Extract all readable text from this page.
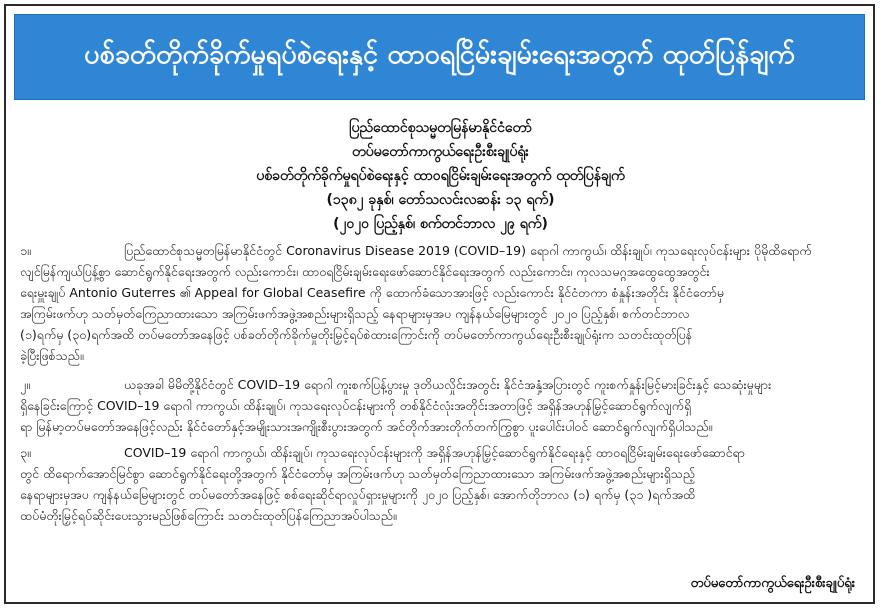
ပစ်ခတ်တိုက်ခိုက်မှုရပ်စဲရေးနှင့် ထာဝရငြိမ်းချမ်းရေးအတွက် ထုတ်ပြန်ချက်
ပြည်ထောင်စုသမ္မတမြန်မာနိုင်ငံတော်
တပ်မတော်ကာကွယ်ရေးဦးစီးချုပ်ရုံး
ပစ်ခတ်တိုက်ခိုက်မှုရပ်စဲရေးနှင့် ထာဝရငြိမ်းချမ်းရေးအတွက် ထုတ်ပြန်ချက်
(၁၃၈၂ ခုနှစ်၊ တော်သလင်းလဆန်း ၁၃ ရက်)
(၂၀၂၀ ပြည့်နှစ်၊ စက်တင်ဘာလ ၂၉ ရက်)
၁။	ပြည်ထောင်စုသမ္မတမြန်မာနိုင်ငံတွင် Coronavirus Disease 2019 (COVID–19) ရောဂါ ကာကွယ်၊ ထိန်းချုပ်၊ ကုသရေးလုပ်ငန်းများ ပိုမိုထိရောက်
လျင်မြန်ကျယ်ပြန့်စွာ ဆောင်ရွက်နိုင်ရေးအတွက် လည်းကောင်း၊ ထာဝရငြိမ်းချမ်းရေးဖော်ဆောင်နိုင်ရေးအတွက် လည်းကောင်း၊ ကုလသမဂ္ဂအထွေထွေအတွင်း
ရေးမှူးချုပ် Antonio Guterres ၏ Appeal for Global Ceasefire ကို ထောက်ခံသောအားဖြင့် လည်းကောင်း နိုင်ငံတကာ စံနှုန်းအတိုင်း နိုင်ငံတော်မှ
အကြမ်းဖက်ဟု သတ်မှတ်ကြေညာထားသော အကြမ်းဖက်အဖွဲ့အစည်းများရှိသည့် နေရာများမှအပ ကျန်နယ်မြေများတွင် ၂၀၂၀ ပြည့်နှစ်၊ စက်တင်ဘာလ
(၁)ရက်မှ (၃၀)ရက်အထိ တပ်မတော်အနေဖြင့် ပစ်ခတ်တိုက်ခိုက်မှုတိုးမြှင့်ရပ်စဲထားကြောင်းကို တပ်မတော်ကာကွယ်ရေးဦးစီးချုပ်ရုံးက သတင်းထုတ်ပြန်
ခဲ့ပြီးဖြစ်သည်။
၂။	ယခုအခါ မိမိတို့နိုင်ငံတွင် COVID–19 ရောဂါ ကူးစက်ပြန့်ပွားမှု ဒုတိယလှိုင်းအတွင်း နိုင်ငံအနှံ့အပြားတွင် ကူးစက်နှုန်းမြင့်မားခြင်းနှင့် သေဆုံးမှုများ
ရှိနေခြင်းကြောင့် COVID–19 ရောဂါ ကာကွယ်၊ ထိန်းချုပ်၊ ကုသရေးလုပ်ငန်းများကို တစ်နိုင်ငံလုံးအတိုင်းအတာဖြင့် အရှိန်အဟုန်မြှင့်ဆောင်ရွက်လျက်ရှိ
ရာ မြန်မာ့တပ်မတော်အနေဖြင့်လည်း နိုင်ငံတော်နှင့်အမျိုးသားအကျိုးစီးပွားအတွက် အင်တိုက်အားတိုက်တက်ကြွစွာ ပူးပေါင်းပါဝင် ဆောင်ရွက်လျက်ရှိပါသည်။
၃။	COVID–19 ရောဂါ ကာကွယ်၊ ထိန်းချုပ်၊ ကုသရေးလုပ်ငန်းများကို အရှိန်အဟုန်မြှင့်ဆောင်ရွက်နိုင်ရေးနှင့် ထာဝရငြိမ်းချမ်းရေးဖော်ဆောင်ရာ
တွင် ထိရောက်အောင်မြင်စွာ ဆောင်ရွက်နိုင်ရေးတို့အတွက် နိုင်ငံတော်မှ အကြမ်းဖက်ဟု သတ်မှတ်ကြေညာထားသော အကြမ်းဖက်အဖွဲ့အစည်းများရှိသည့်
နေရာများမှအပ ကျန်နယ်မြေများတွင် တပ်မတော်အနေဖြင့် စစ်ရေးဆိုင်ရာလှုပ်ရှားမှုများကို ၂၀၂၀ ပြည့်နှစ်၊ အောက်တိုဘာလ (၁) ရက်မှ (၃၁ )ရက်အထိ
ထပ်မံတိုးမြှင့်ရပ်ဆိုင်းပေးသွားမည်ဖြစ်ကြောင်း သတင်းထုတ်ပြန်ကြေညာအပ်ပါသည်။
တပ်မတော်ကာကွယ်ရေးဦးစီးချုပ်ရုံး
